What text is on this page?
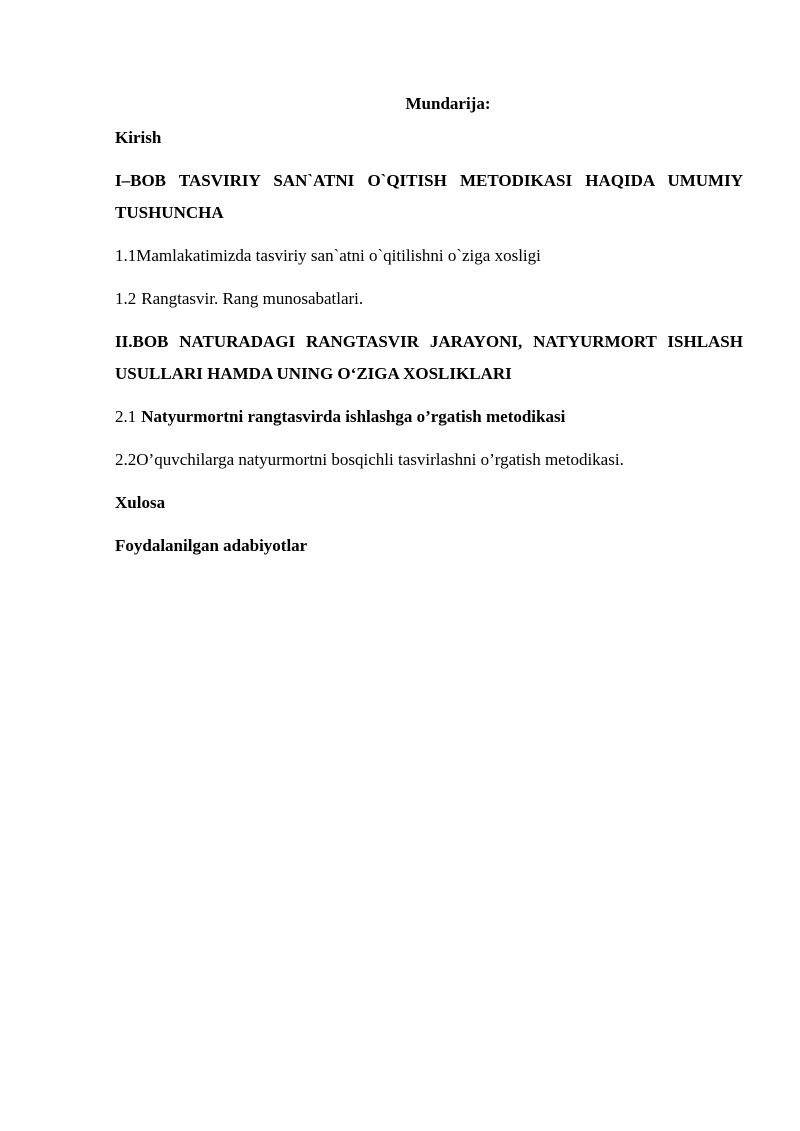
Mundarija:
Kirish
I–BOB TASVIRIY SAN`ATNI O`QITISH METODIKASI HAQIDA UMUMIY TUSHUNCHA
1.1Mamlakatimizda tasviriy san`atni o`qitilishni o`ziga xosligi
1.2 Rangtasvir. Rang munosabatlari.
II.BOB NATURADAGI RANGTASVIR JARAYONI, NATYURMORT ISHLASH USULLARI HAMDA UNING O‘ZIGA XOSLIKLARI
2.1 Natyurmortni rangtasvirda ishlashga o’rgatish metodikasi
2.2O’quvchilarga natyurmortni bosqichli tasvirlashni o’rgatish metodikasi.
Xulosa
Foydalanilgan adabiyotlar
